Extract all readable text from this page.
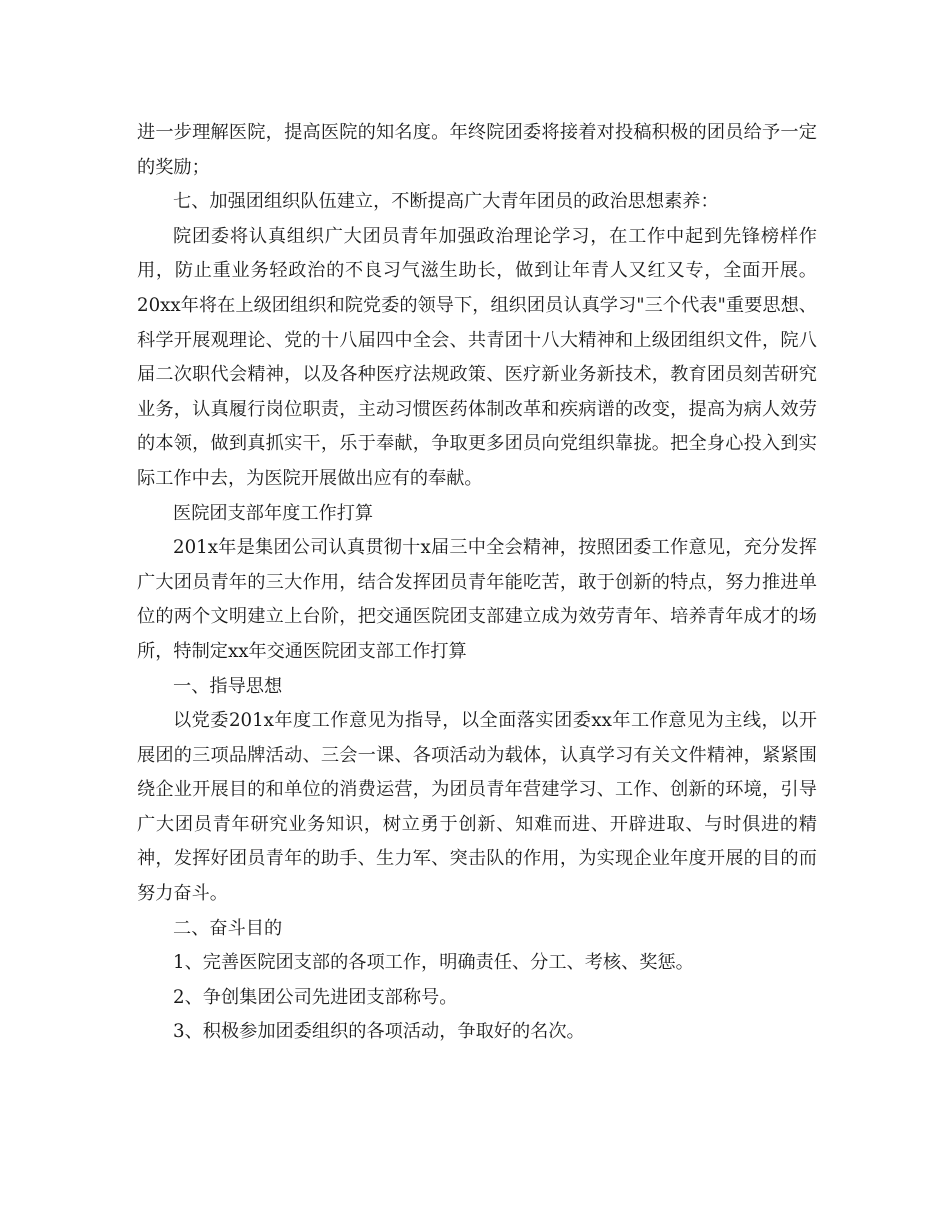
进一步理解医院，提高医院的知名度。年终院团委将接着对投稿积极的团员给予一定的奖励；

七、加强团组织队伍建立，不断提高广大青年团员的政治思想素养：

院团委将认真组织广大团员青年加强政治理论学习，在工作中起到先锋榜样作用，防止重业务轻政治的不良习气滋生助长，做到让年青人又红又专，全面开展。20xx年将在上级团组织和院党委的领导下，组织团员认真学习"三个代表"重要思想、科学开展观理论、党的十八届四中全会、共青团十八大精神和上级团组织文件，院八届二次职代会精神，以及各种医疗法规政策、医疗新业务新技术，教育团员刻苦研究业务，认真履行岗位职责，主动习惯医药体制改革和疾病谱的改变，提高为病人效劳的本领，做到真抓实干，乐于奉献，争取更多团员向党组织靠拢。把全身心投入到实际工作中去，为医院开展做出应有的奉献。

医院团支部年度工作打算

201x年是集团公司认真贯彻十x届三中全会精神，按照团委工作意见，充分发挥广大团员青年的三大作用，结合发挥团员青年能吃苦，敢于创新的特点，努力推进单位的两个文明建立上台阶，把交通医院团支部建立成为效劳青年、培养青年成才的场所，特制定xx年交通医院团支部工作打算

一、指导思想

以党委201x年度工作意见为指导，以全面落实团委xx年工作意见为主线，以开展团的三项品牌活动、三会一课、各项活动为载体，认真学习有关文件精神，紧紧围绕企业开展目的和单位的消费运营，为团员青年营建学习、工作、创新的环境，引导广大团员青年研究业务知识，树立勇于创新、知难而进、开辟进取、与时俱进的精神，发挥好团员青年的助手、生力军、突击队的作用，为实现企业年度开展的目的而努力奋斗。

二、奋斗目的

1、完善医院团支部的各项工作，明确责任、分工、考核、奖惩。

2、争创集团公司先进团支部称号。

3、积极参加团委组织的各项活动，争取好的名次。
